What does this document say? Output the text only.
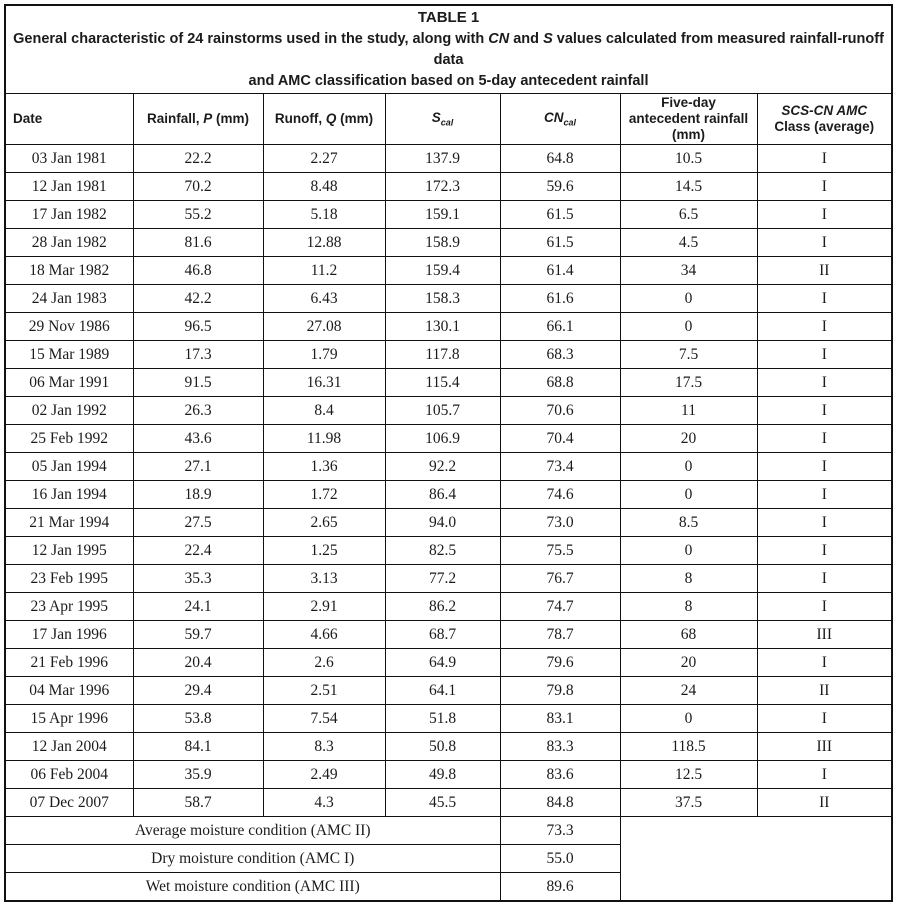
TABLE 1
General characteristic of 24 rainstorms used in the study, along with CN and S values calculated from measured rainfall-runoff data
and AMC classification based on 5-day antecedent rainfall						

Date	Rainfall, P (mm)	Runoff, Q (mm)	$S_{cal}$	$CN_{cal}$	Five-day antecedent rainfall (mm)	SCS-CN AMC
Class (average)
03 Jan 1981	22.2	2.27	137.9	64.8	10.5	I
12 Jan 1981	70.2	8.48	172.3	59.6	14.5	I
17 Jan 1982	55.2	5.18	159.1	61.5	6.5	I
28 Jan 1982	81.6	12.88	158.9	61.5	4.5	I
18 Mar 1982	46.8	11.2	159.4	61.4	34	II
24 Jan 1983	42.2	6.43	158.3	61.6	0	I
29 Nov 1986	96.5	27.08	130.1	66.1	0	I
15 Mar 1989	17.3	1.79	117.8	68.3	7.5	I
06 Mar 1991	91.5	16.31	115.4	68.8	17.5	I
02 Jan 1992	26.3	8.4	105.7	70.6	11	I
25 Feb 1992	43.6	11.98	106.9	70.4	20	I
05 Jan 1994	27.1	1.36	92.2	73.4	0	I
16 Jan 1994	18.9	1.72	86.4	74.6	0	I
21 Mar 1994	27.5	2.65	94.0	73.0	8.5	I
12 Jan 1995	22.4	1.25	82.5	75.5	0	I
23 Feb 1995	35.3	3.13	77.2	76.7	8	I
23 Apr 1995	24.1	2.91	86.2	74.7	8	I
17 Jan 1996	59.7	4.66	68.7	78.7	68	III
21 Feb 1996	20.4	2.6	64.9	79.6	20	I
04 Mar 1996	29.4	2.51	64.1	79.8	24	II
15 Apr 1996	53.8	7.54	51.8	83.1	0	I
12 Jan 2004	84.1	8.3	50.8	83.3	118.5	III
06 Feb 2004	35.9	2.49	49.8	83.6	12.5	I
07 Dec 2007	58.7	4.3	45.5	84.8	37.5	II
Average moisture condition (AMC II)				73.3		
Dry moisture condition (AMC I)				55.0		
Wet moisture condition (AMC III)				89.6		
